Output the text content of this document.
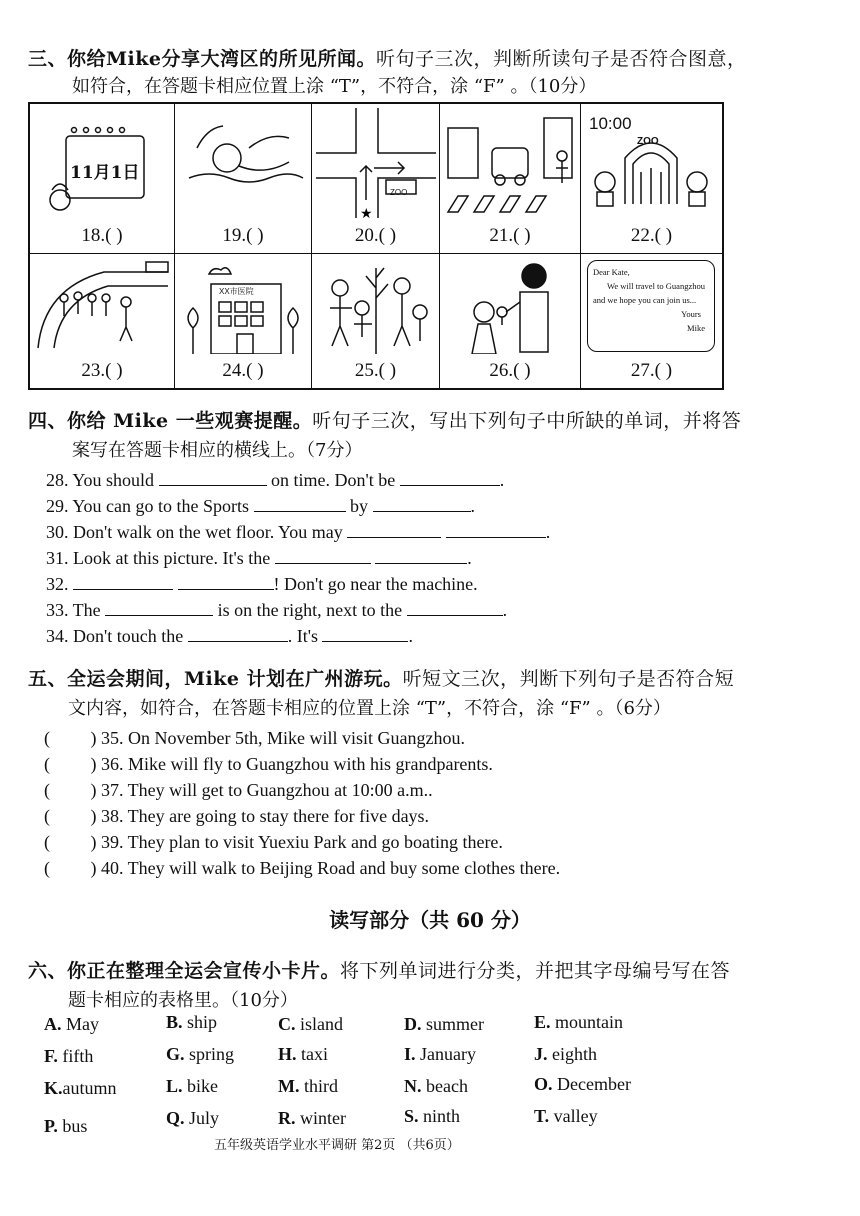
三、你给Mike分享大湾区的所见所闻。听句子三次，判断所读句子是否符合图意，
如符合，在答题卡相应位置上涂 “T”，不符合，涂 “F” 。（10分）
11月1日
18.( )	19.( )
★
ZOO
20.( )	21.( )
10:00
ZOO
22.( )
23.( )
XX市医院
24.( )	25.( )	26.( )
Dear Kate,
We will travel to Guangzhou
and we hope you can join us...
Yours
Mike
27.( )
四、你给 Mike 一些观赛提醒。听句子三次，写出下列句子中所缺的单词，并将答
案写在答题卡相应的横线上。（7分）
28. You should	on time. Don't be	.
29. You can go to the Sports	by	.
30. Don't walk on the wet floor. You may	.
31. Look at this picture. It's the	.
32.	! Don't go near the machine.
33. The	is on the right, next to the	.
34. Don't touch the	. It's	.
五、全运会期间，Mike 计划在广州游玩。听短文三次，判断下列句子是否符合短
文内容，如符合，在答题卡相应的位置上涂 “T”，不符合，涂 “F” 。（6分）
(         ) 35. On November 5th, Mike will visit Guangzhou.
(         ) 36. Mike will fly to Guangzhou with his grandparents.
(         ) 37. They will get to Guangzhou at 10:00 a.m..
(         ) 38. They are going to stay there for five days.
(         ) 39. They plan to visit Yuexiu Park and go boating there.
(         ) 40. They will walk to Beijing Road and buy some clothes there.
读写部分（共 60 分）
六、你正在整理全运会宣传小卡片。将下列单词进行分类，并把其字母编号写在答
题卡相应的表格里。（10分）
A. May	B. ship	C. island	D. summer	E. mountain
F. fifth	G. spring H. taxi	I. January	J. eighth
K.autumn	L. bike	M. third	N. beach	O. December
P. bus	Q. July	R. winter	S. ninth	T. valley
五年级英语学业水平调研 第2页 （共6页）
